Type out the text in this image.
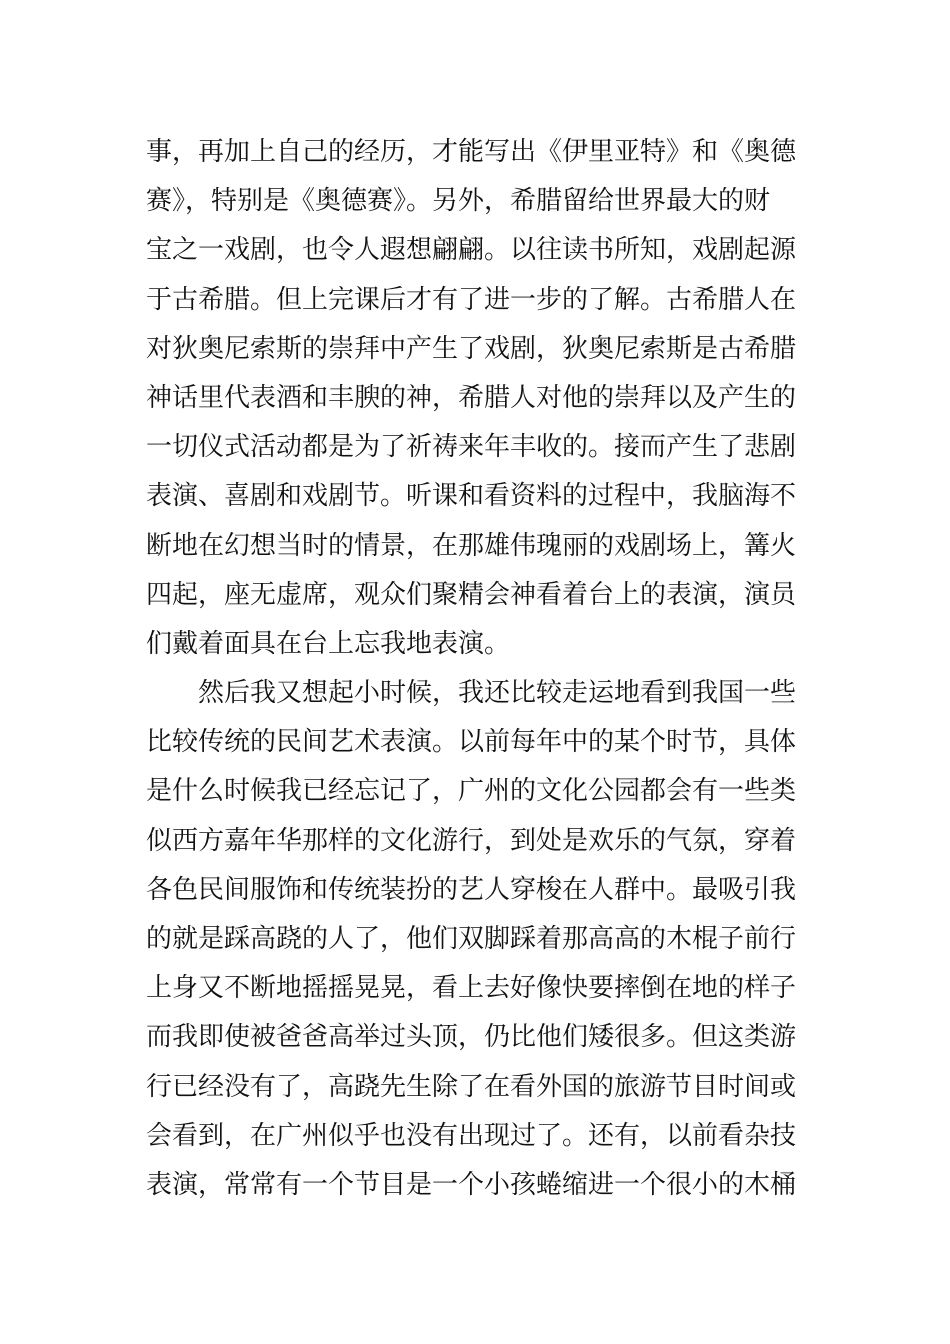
事，再加上自己的经历，才能写出《伊里亚特》和《奥德
赛》，特别是《奥德赛》。另外，希腊留给世界最大的财
宝之一戏剧，也令人遐想翩翩。以往读书所知，戏剧起源
于古希腊。但上完课后才有了进一步的了解。古希腊人在
对狄奥尼索斯的崇拜中产生了戏剧，狄奥尼索斯是古希腊
神话里代表酒和丰腴的神，希腊人对他的崇拜以及产生的
一切仪式活动都是为了祈祷来年丰收的。接而产生了悲剧
表演、喜剧和戏剧节。听课和看资料的过程中，我脑海不
断地在幻想当时的情景，在那雄伟瑰丽的戏剧场上，篝火
四起，座无虚席，观众们聚精会神看着台上的表演，演员
们戴着面具在台上忘我地表演。
然后我又想起小时候，我还比较走运地看到我国一些
比较传统的民间艺术表演。以前每年中的某个时节，具体
是什么时候我已经忘记了，广州的文化公园都会有一些类
似西方嘉年华那样的文化游行，到处是欢乐的气氛，穿着
各色民间服饰和传统装扮的艺人穿梭在人群中。最吸引我
的就是踩高跷的人了，他们双脚踩着那高高的木棍子前行
上身又不断地摇摇晃晃，看上去好像快要摔倒在地的样子
而我即使被爸爸高举过头顶，仍比他们矮很多。但这类游
行已经没有了，高跷先生除了在看外国的旅游节目时间或
会看到，在广州似乎也没有出现过了。还有，以前看杂技
表演，常常有一个节目是一个小孩蜷缩进一个很小的木桶
